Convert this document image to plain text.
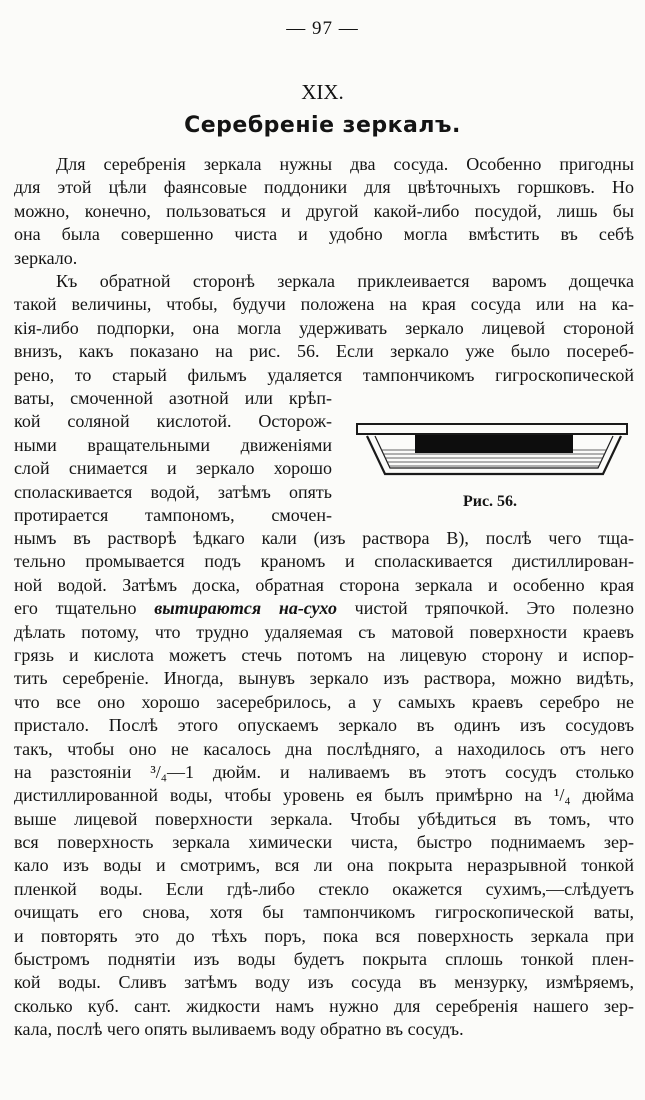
— 97 —
XIX.
Серебренiе зеркалъ.
Для серебренiя зеркала нужны два сосуда. Особенно пригодны
для этой цѣли фаянсовые поддоники для цвѣточныхъ горшковъ. Но
можно, конечно, пользоваться и другой какой-либо посудой, лишь бы
она была совершенно чиста и удобно могла вмѣстить въ себѣ
зеркало.
Къ обратной сторонѣ зеркала приклеивается варомъ дощечка
такой величины, чтобы, будучи положена на края сосуда или на ка-
кiя-либо подпорки, она могла удерживать зеркало лицевой стороной
внизъ, какъ показано на рис. 56. Если зеркало уже было посереб-
рено, то старый фильмъ удаляется тампончикомъ гигроскопической
ваты, смоченной азотной или крѣп-
кой соляной кислотой. Осторож-
ными вращательными движенiями
слой снимается и зеркало хорошо
споласкивается водой, затѣмъ опять
протирается тампономъ, смочен-
Рис. 56.
нымъ въ растворѣ ѣдкаго кали (изъ раствора В), послѣ чего тща-
тельно промывается подъ краномъ и споласкивается дистиллирован-
ной водой. Затѣмъ доска, обратная сторона зеркала и особенно края
его тщательно вытираются на-сухо чистой тряпочкой. Это полезно
дѣлать потому, что трудно удаляемая съ матовой поверхности краевъ
грязь и кислота можетъ стечь потомъ на лицевую сторону и испор-
тить серебренiе. Иногда, вынувъ зеркало изъ раствора, можно видѣть,
что все оно хорошо засеребрилось, а у самыхъ краевъ серебро не
пристало. Послѣ этого опускаемъ зеркало въ одинъ изъ сосудовъ
такъ, чтобы оно не касалось дна послѣдняго, а находилось отъ него
на разстоянiи ³/₄—1 дюйм. и наливаемъ въ этотъ сосудъ столько
дистиллированной воды, чтобы уровень ея былъ примѣрно на ¹/₄ дюйма
выше лицевой поверхности зеркала. Чтобы убѣдиться въ томъ, что
вся поверхность зеркала химически чиста, быстро поднимаемъ зер-
кало изъ воды и смотримъ, вся ли она покрыта неразрывной тонкой
пленкой воды. Если гдѣ-либо стекло окажется сухимъ,—слѣдуетъ
очищать его снова, хотя бы тампончикомъ гигроскопической ваты,
и повторять это до тѣхъ поръ, пока вся поверхность зеркала при
быстромъ поднятiи изъ воды будетъ покрыта сплошь тонкой плен-
кой воды. Сливъ затѣмъ воду изъ сосуда въ мензурку, измѣряемъ,
сколько куб. сант. жидкости намъ нужно для серебренiя нашего зер-
кала, послѣ чего опять выливаемъ воду обратно въ сосудъ.
